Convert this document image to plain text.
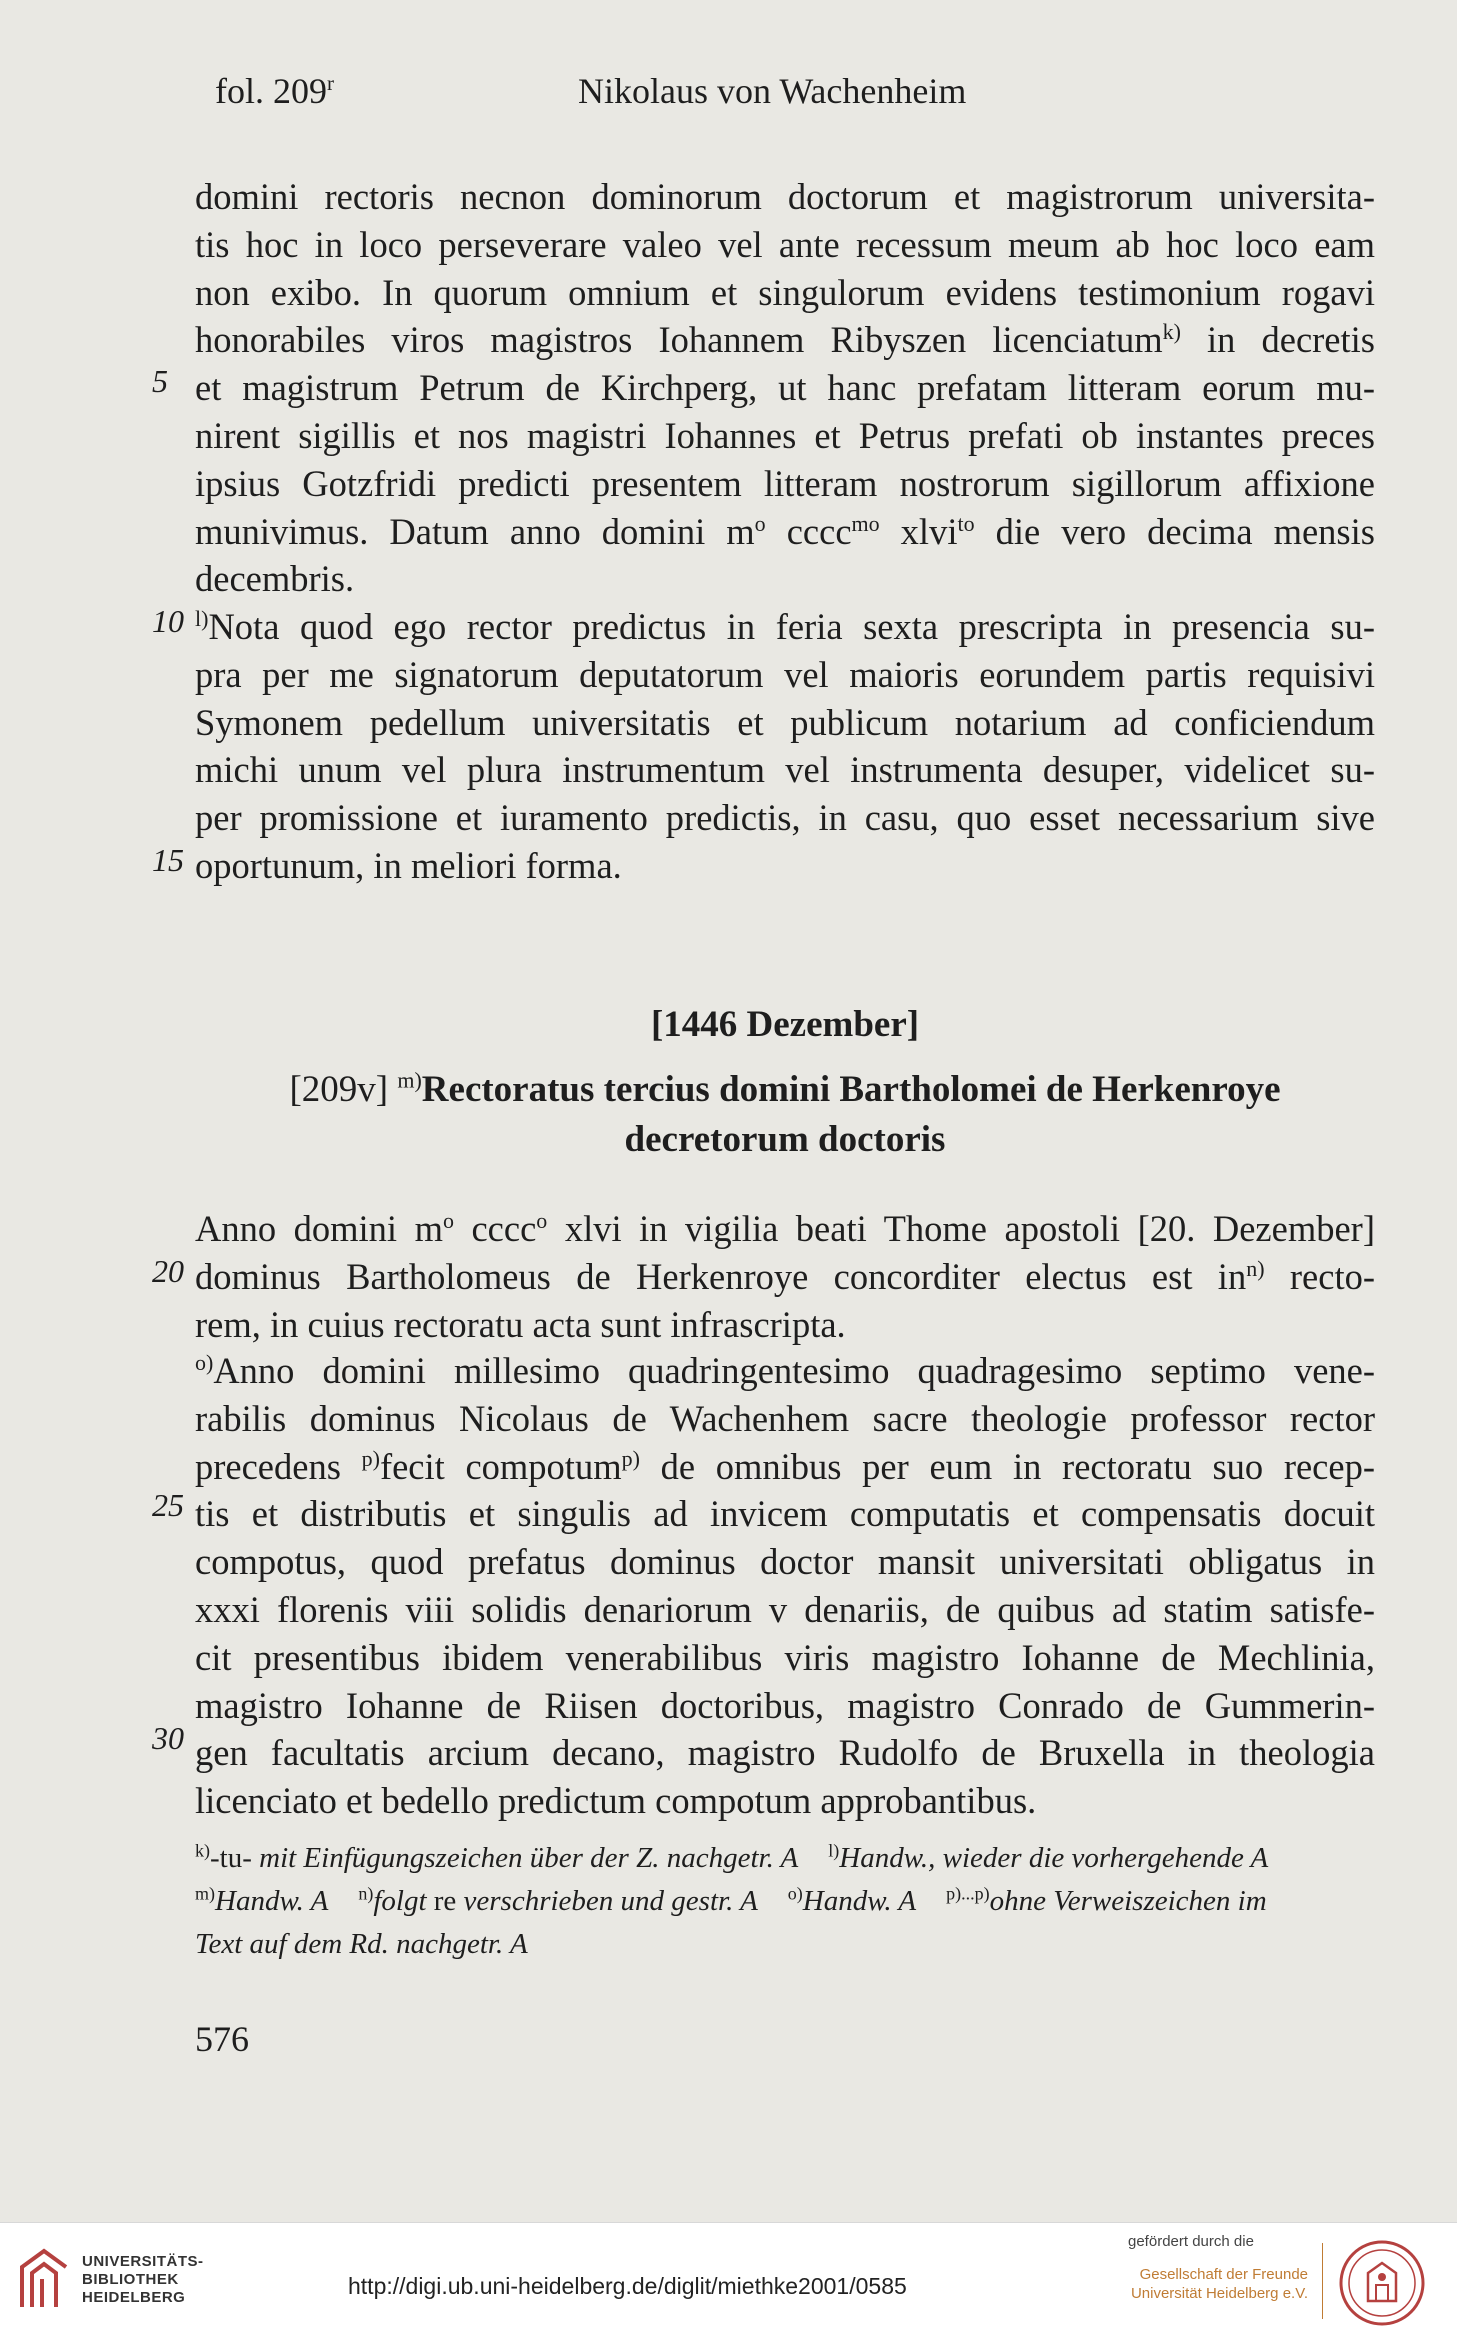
fol. 209$^r$	Nikolaus von Wachenheim
domini rectoris necnon dominorum doctorum et magistrorum universita-
tis hoc in loco perseverare valeo vel ante recessum meum ab hoc loco eam
non exibo. In quorum omnium et singulorum evidens testimonium rogavi
honorabiles viros magistros Iohannem Ribyszen licenciatum$^{k)}$ in decretis
et magistrum Petrum de Kirchperg, ut hanc prefatam litteram eorum mu-
nirent sigillis et nos magistri Iohannes et Petrus prefati ob instantes preces
ipsius Gotzfridi predicti presentem litteram nostrorum sigillorum affixione
munivimus. Datum anno domini $m^o$ cccc$^{mo}$ xlvi$^{to}$ die vero decima mensis
decembris.
$^{l)}$Nota quod ego rector predictus in feria sexta prescripta in presencia su-
pra per me signatorum deputatorum vel maioris eorundem partis requisivi
Symonem pedellum universitatis et publicum notarium ad conficiendum
michi unum vel plura instrumentum vel instrumenta desuper, videlicet su-
per promissione et iuramento predictis, in casu, quo esset necessarium sive
oportunum, in meliori forma.
5
10
15
20
25
30
[1446 Dezember]
[209v] $^{m)}$Rectoratus tercius domini Bartholomei de Herkenroye
decretorum doctoris
Anno domini $m^o$ cccc$^o$ xlvi in vigilia beati Thome apostoli [20. Dezember]
dominus Bartholomeus de Herkenroye concorditer electus est $in^{n)}$ recto-
rem, in cuius rectoratu acta sunt infrascripta.
$^{o)}$Anno domini millesimo quadringentesimo quadragesimo septimo vene-
rabilis dominus Nicolaus de Wachenhem sacre theologie professor rector
precedens $^{p)}$fecit compotum$^{p)}$ de omnibus per eum in rectoratu suo recep-
tis et distributis et singulis ad invicem computatis et compensatis docuit
compotus, quod prefatus dominus doctor mansit universitati obligatus in
xxxi florenis viii solidis denariorum v denariis, de quibus ad statim satisfe-
cit presentibus ibidem venerabilibus viris magistro Iohanne de Mechlinia,
magistro Iohanne de Riisen doctoribus, magistro Conrado de Gummerin-
gen facultatis arcium decano, magistro Rudolfo de Bruxella in theologia
licenciato et bedello predictum compotum approbantibus.
$^{k)}$-tu- mit Einfügungszeichen über der Z. nachgetr. A $^{l)}$Handw., wieder die vorhergehende A
$^{m)}$Handw. A $^{n)}$folgt re verschrieben und gestr. A $^{o)}$Handw. A $^{p)...p)}$ohne Verweiszeichen im
Text auf dem Rd. nachgetr. A
576
UNIVERSITÄTS-
BIBLIOTHEK
HEIDELBERG	http://digi.ub.uni-heidelberg.de/diglit/miethke2001/0585
gefördert durch die
Gesellschaft der Freunde
Universität Heidelberg e.V.
